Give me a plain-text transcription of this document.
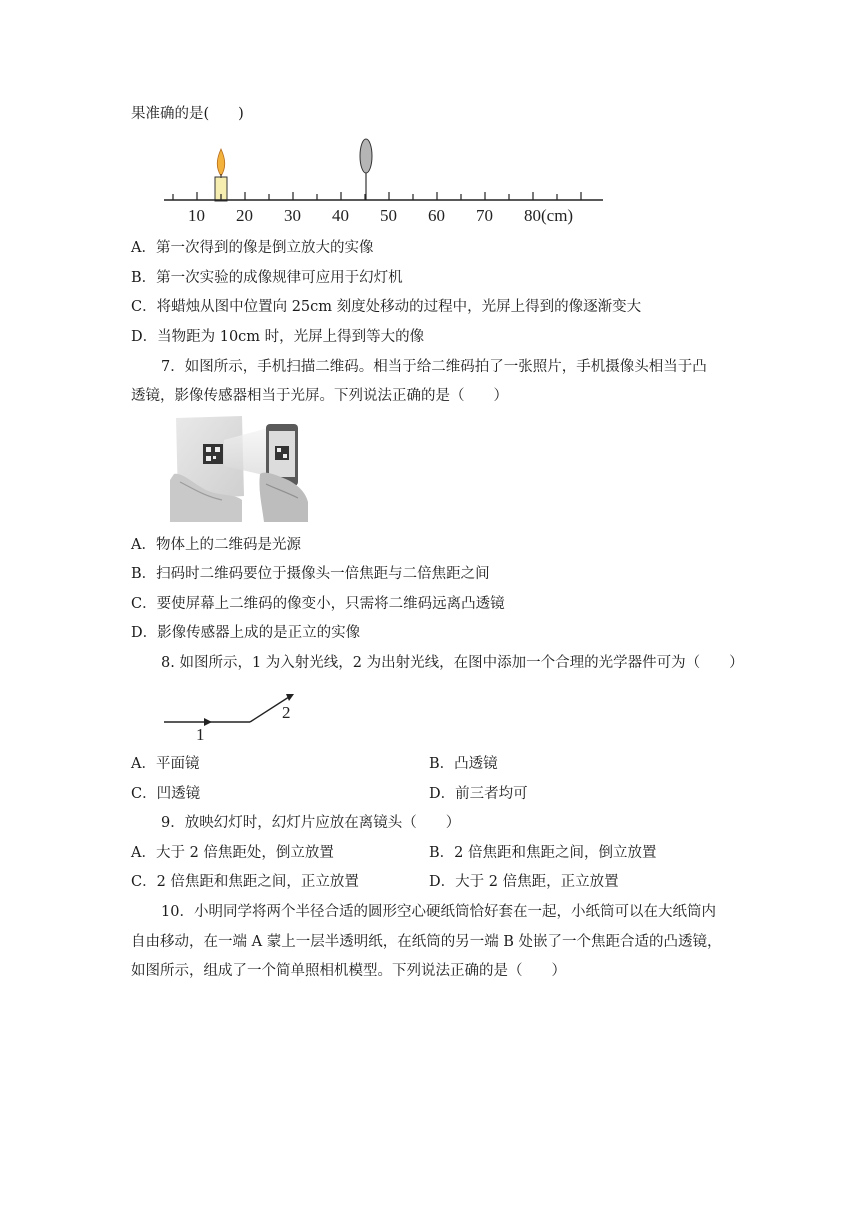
果准确的是(　　)
10 20 30 40 50 60 70 80(cm)
A．第一次得到的像是倒立放大的实像
B．第一次实验的成像规律可应用于幻灯机
C．将蜡烛从图中位置向 25cm 刻度处移动的过程中，光屏上得到的像逐渐变大
D．当物距为 10cm 时，光屏上得到等大的像
7．如图所示，手机扫描二维码。相当于给二维码拍了一张照片，手机摄像头相当于凸
透镜，影像传感器相当于光屏。下列说法正确的是（　　）
A．物体上的二维码是光源
B．扫码时二维码要位于摄像头一倍焦距与二倍焦距之间
C．要使屏幕上二维码的像变小，只需将二维码远离凸透镜
D．影像传感器上成的是正立的实像
8. 如图所示，1 为入射光线，2 为出射光线，在图中添加一个合理的光学器件可为（　　）
1
2
A．平面镜	B．凸透镜
C．凹透镜	D．前三者均可
9．放映幻灯时，幻灯片应放在离镜头（　　）
A．大于 2 倍焦距处，倒立放置	B．2 倍焦距和焦距之间，倒立放置
C．2 倍焦距和焦距之间，正立放置	D．大于 2 倍焦距，正立放置
10．小明同学将两个半径合适的圆形空心硬纸筒恰好套在一起，小纸筒可以在大纸筒内
自由移动，在一端 A 蒙上一层半透明纸，在纸筒的另一端 B 处嵌了一个焦距合适的凸透镜，
如图所示，组成了一个简单照相机模型。下列说法正确的是（　　）
